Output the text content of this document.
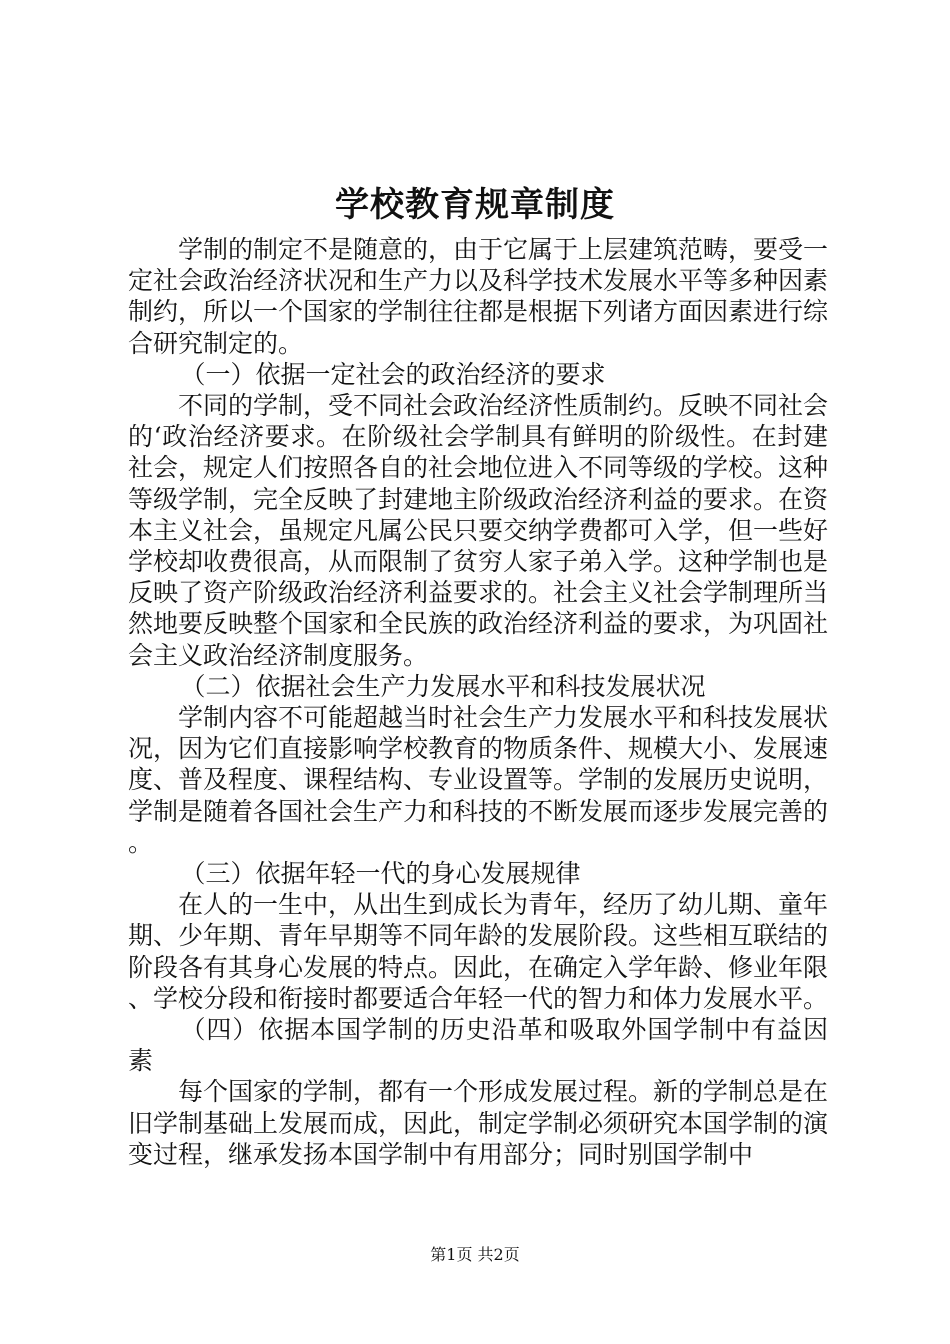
学校教育规章制度

学制的制定不是随意的，由于它属于上层建筑范畴，要受一定社会政治经济状况和生产力以及科学技术发展水平等多种因素制约，所以一个国家的学制往往都是根据下列诸方面因素进行综合研究制定的。

（一）依据一定社会的政治经济的要求

不同的学制，受不同社会政治经济性质制约。反映不同社会的‘政治经济要求。在阶级社会学制具有鲜明的阶级性。在封建社会，规定人们按照各自的社会地位进入不同等级的学校。这种等级学制，完全反映了封建地主阶级政治经济利益的要求。在资本主义社会，虽规定凡属公民只要交纳学费都可入学，但一些好学校却收费很高，从而限制了贫穷人家子弟入学。这种学制也是反映了资产阶级政治经济利益要求的。社会主义社会学制理所当然地要反映整个国家和全民族的政治经济利益的要求，为巩固社会主义政治经济制度服务。

（二）依据社会生产力发展水平和科技发展状况

学制内容不可能超越当时社会生产力发展水平和科技发展状况，因为它们直接影响学校教育的物质条件、规模大小、发展速度、普及程度、课程结构、专业设置等。学制的发展历史说明，学制是随着各国社会生产力和科技的不断发展而逐步发展完善的。

（三）依据年轻一代的身心发展规律

在人的一生中，从出生到成长为青年，经历了幼儿期、童年期、少年期、青年早期等不同年龄的发展阶段。这些相互联结的阶段各有其身心发展的特点。因此，在确定入学年龄、修业年限、学校分段和衔接时都要适合年轻一代的智力和体力发展水平。

（四）依据本国学制的历史沿革和吸取外国学制中有益因素

每个国家的学制，都有一个形成发展过程。新的学制总是在旧学制基础上发展而成，因此，制定学制必须研究本国学制的演变过程，继承发扬本国学制中有用部分；同时别国学制中

第1页 共2页
